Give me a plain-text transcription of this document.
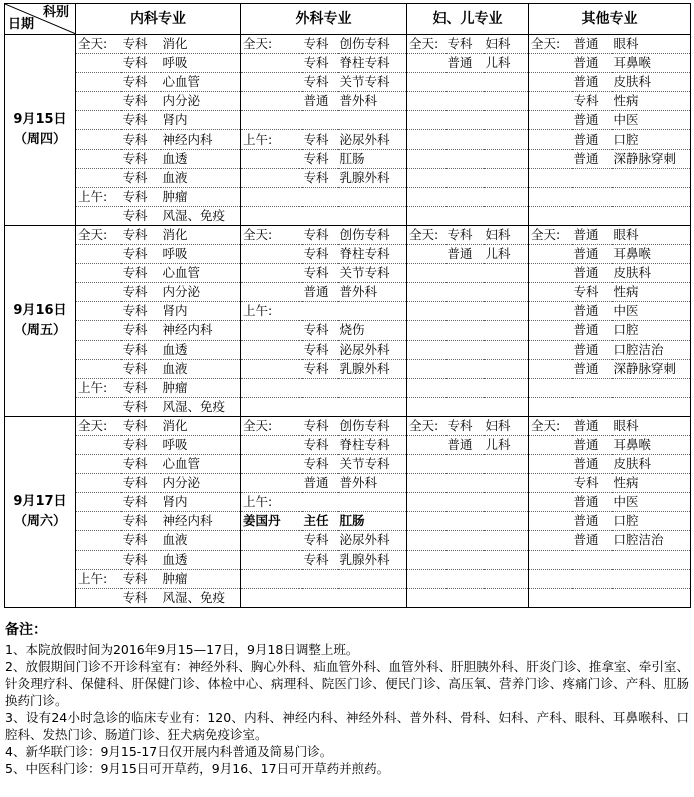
科别
日期	内科专业			外科专业				妇、儿专业			其他专业		

9月15日
（周四）	全天:	专科	消化	全天:		专科	创伤专科	全天:	专科	妇科	全天:	普通	眼科
		专科	呼吸			专科	脊柱专科		普通	儿科		普通	耳鼻喉
		专科	心血管			专科	关节专科					普通	皮肤科
		专科	内分泌			普通	普外科					专科	性病
		专科	肾内									普通	中医
		专科	神经内科	上午:		专科	泌尿外科					普通	口腔
		专科	血透			专科	肛肠					普通	深静脉穿刺
		专科	血液			专科	乳腺外科						
	上午:	专科	肿瘤										
		专科	风湿、免疫										

9月16日
（周五）	全天:	专科	消化	全天:		专科	创伤专科	全天:	专科	妇科	全天:	普通	眼科
		专科	呼吸			专科	脊柱专科		普通	儿科		普通	耳鼻喉
		专科	心血管			专科	关节专科					普通	皮肤科
		专科	内分泌			普通	普外科					专科	性病
		专科	肾内	上午:								普通	中医
		专科	神经内科			专科	烧伤					普通	口腔
		专科	血透			专科	泌尿外科					普通	口腔洁治
		专科	血液			专科	乳腺外科					普通	深静脉穿刺
	上午:	专科	肿瘤										
		专科	风湿、免疫										

9月17日
（周六）	全天:	专科	消化	全天:		专科	创伤专科	全天:	专科	妇科	全天:	普通	眼科
		专科	呼吸			专科	脊柱专科		普通	儿科		普通	耳鼻喉
		专科	心血管			专科	关节专科					普通	皮肤科
		专科	内分泌			普通	普外科					专科	性病
		专科	肾内	上午:								普通	中医
		专科	神经内科	姜国丹		主任	肛肠					普通	口腔
		专科	血液			专科	泌尿外科					普通	口腔洁治
		专科	血透			专科	乳腺外科						
	上午:	专科	肿瘤										
		专科	风湿、免疫										
备注：

1、本院放假时间为2016年9月15—17日，9月18日调整上班。

2、放假期间门诊不开诊科室有：神经外科、胸心外科、疝血管外科、血管外科、肝胆胰外科、肝炎门诊、推拿室、牵引室、针灸理疗科、保健科、肝保健门诊、体检中心、病理科、院医门诊、便民门诊、高压氧、营养门诊、疼痛门诊、产科、肛肠换药门诊。

3、设有24小时急诊的临床专业有：120、内科、神经内科、神经外科、普外科、骨科、妇科、产科、眼科、耳鼻喉科、口腔科、发热门诊、肠道门诊、狂犬病免疫诊室。

4、新华联门诊：9月15-17日仅开展内科普通及简易门诊。

5、中医科门诊：9月15日可开草药，9月16、17日可开草药并煎药。
